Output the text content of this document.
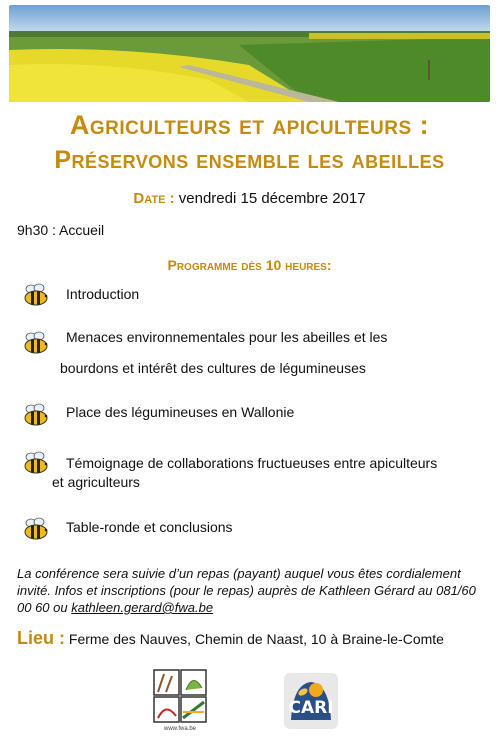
Agriculteurs et apiculteurs :
Préservons ensemble les abeilles
Date : vendredi 15 décembre 2017
9h30 : Accueil
Programme dès 10 heures:
Introduction
Menaces environnementales pour les abeilles et les
bourdons et intérêt des cultures de légumineuses
Place des légumineuses en Wallonie
Témoignage de collaborations fructueuses entre apiculteurs
et agriculteurs
Table-ronde et conclusions
La conférence sera suivie d’un repas (payant) auquel vous êtes cordialement invité. Infos et inscriptions (pour le repas) auprès de Kathleen Gérard au 081/60 00 60 ou kathleen.gerard@fwa.be
Lieu : Ferme des Nauves, Chemin de Naast, 10 à Braine-le-Comte
www.fwa.be
CARI
